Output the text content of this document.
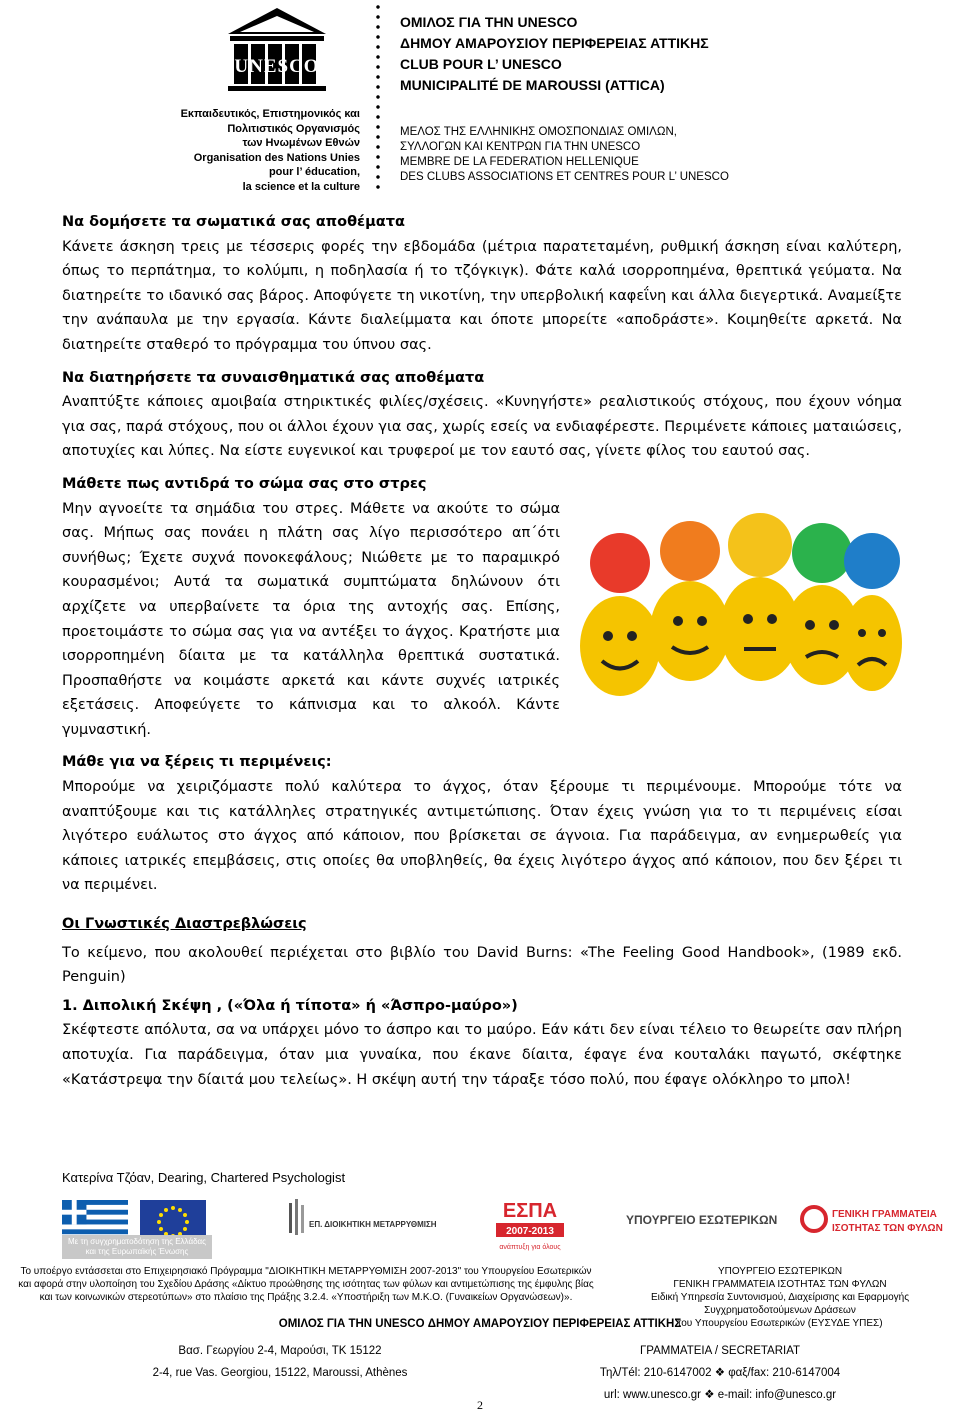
UNESCO
Εκπαιδευτικός, Επιστημονικός και
Πολιτιστικός Οργανισμός
των Ηνωμένων Εθνών
Organisation des Nations Unies
pour l’ éducation,
la science et la culture
ΟΜΙΛΟΣ ΓΙΑ ΤΗΝ UNESCO
ΔΗΜΟΥ ΑΜΑΡΟΥΣΙΟΥ ΠΕΡΙΦΕΡΕΙΑΣ ΑΤΤΙΚΗΣ
CLUB POUR L’ UNESCO
MUNICIPALITÉ DE MAROUSSI (ATTICA)
ΜΕΛΟΣ ΤΗΣ ΕΛΛΗΝΙΚΗΣ ΟΜΟΣΠΟΝΔΙΑΣ ΟΜΙΛΩΝ,
ΣΥΛΛΟΓΩΝ ΚΑΙ ΚΕΝΤΡΩΝ ΓΙΑ ΤΗΝ UNESCO
MEMBRE DE LA FEDERATION HELLENIQUE
DES CLUBS ASSOCIATIONS ET CENTRES POUR L’ UNESCO
Να δομήσετε τα σωματικά σας αποθέματα
Κάνετε άσκηση τρεις με τέσσερις φορές την εβδομάδα (μέτρια παρατεταμένη, ρυθμική άσκηση είναι καλύτερη, όπως το περπάτημα, το κολύμπι, η ποδηλασία ή το τζόγκιγκ). Φάτε καλά ισορροπημένα, θρεπτικά γεύματα. Να διατηρείτε το ιδανικό σας βάρος. Αποφύγετε τη νικοτίνη, την υπερβολική καφεΐνη και άλλα διεγερτικά. Αναμείξτε την ανάπαυλα με την εργασία. Κάντε διαλείμματα και όποτε μπορείτε «αποδράστε». Κοιμηθείτε αρκετά. Να διατηρείτε σταθερό το πρόγραμμα του ύπνου σας.
Να διατηρήσετε τα συναισθηματικά σας αποθέματα
Αναπτύξτε κάποιες αμοιβαία στηρικτικές φιλίες/σχέσεις. «Κυνηγήστε» ρεαλιστικούς στόχους, που έχουν νόημα για σας, παρά στόχους, που οι άλλοι έχουν για σας, χωρίς εσείς να ενδιαφέρεστε. Περιμένετε κάποιες ματαιώσεις, αποτυχίες και λύπες. Να είστε ευγενικοί και τρυφεροί με τον εαυτό σας, γίνετε φίλος του εαυτού σας.
Μάθετε πως αντιδρά το σώμα σας στο στρες
Μην αγνοείτε τα σημάδια του στρες. Μάθετε να ακούτε το σώμα σας. Μήπως σας πονάει η πλάτη σας λίγο περισσότερο απ΄ότι συνήθως; Έχετε συχνά πονοκεφάλους; Νιώθετε με το παραμικρό κουρασμένοι; Αυτά τα σωματικά συμπτώματα δηλώνουν ότι αρχίζετε να υπερβαίνετε τα όρια της αντοχής σας. Επίσης, προετοιμάστε το σώμα σας για να αντέξει το άγχος. Κρατήστε μια ισορροπημένη δίαιτα με τα κατάλληλα θρεπτικά συστατικά. Προσπαθήστε να κοιμάστε αρκετά και κάντε συχνές ιατρικές εξετάσεις. Αποφεύγετε το κάπνισμα και το αλκοόλ. Κάντε γυμναστική.
Μάθε για να ξέρεις τι περιμένεις:
Μπορούμε να χειριζόμαστε πολύ καλύτερα το άγχος, όταν ξέρουμε τι περιμένουμε. Μπορούμε τότε να αναπτύξουμε και τις κατάλληλες στρατηγικές αντιμετώπισης. Όταν έχεις γνώση για το τι περιμένεις είσαι λιγότερο ευάλωτος στο άγχος από κάποιον, που βρίσκεται σε άγνοια. Για παράδειγμα, αν ενημερωθείς για κάποιες ιατρικές επεμβάσεις, στις οποίες θα υποβληθείς, θα έχεις λιγότερο άγχος από κάποιον, που δεν ξέρει τι να περιμένει.
Οι Γνωστικές Διαστρεβλώσεις
Το κείμενο, που ακολουθεί περιέχεται στο βιβλίο του David Burns: «The Feeling Good Handbook», (1989 εκδ. Penguin)
1. Διπολική Σκέψη , («Όλα ή τίποτα» ή «Άσπρο-μαύρο»)
Σκέφτεστε απόλυτα, σα να υπάρχει μόνο το άσπρο και το μαύρο. Εάν κάτι δεν είναι τέλειο το θεωρείτε σαν πλήρη αποτυχία. Για παράδειγμα, όταν μια γυναίκα, που έκανε δίαιτα, έφαγε ένα κουταλάκι παγωτό, σκέφτηκε «Κατάστρεψα την δίαιτά μου τελείως». Η σκέψη αυτή την τάραξε τόσο πολύ, που έφαγε ολόκληρο το μπολ!
Κατερίνα Τζόαν, Dearing, Chartered Psychologist
Με τη συγχρηματοδότηση της Ελλάδας και της Ευρωπαϊκής Ένωσης
ΕΠ. ΔΙΟΙΚΗΤΙΚΗ ΜΕΤΑΡΡΥΘΜΙΣΗ
ΕΣΠΑ
2007-2013
ανάπτυξη για όλους
ΥΠΟΥΡΓΕΙΟ ΕΣΩΤΕΡΙΚΩΝ	ΓΕΝΙΚΗ ΓΡΑΜΜΑΤΕΙΑ
ΙΣΟΤΗΤΑΣ ΤΩΝ ΦΥΛΩΝ
Το υποέργο εντάσσεται στο Επιχειρησιακό Πρόγραμμα "ΔΙΟΙΚΗΤΙΚΗ ΜΕΤΑΡΡΥΘΜΙΣΗ 2007-2013" του Υπουργείου Εσωτερικών
και αφορά στην υλοποίηση του Σχεδίου Δράσης «Δίκτυο προώθησης της ισότητας των φύλων και αντιμετώπισης της έμφυλης βίας
και των κοινωνικών στερεοτύπων» στο πλαίσιο της Πράξης 3.2.4. «Υποστήριξη των Μ.Κ.Ο. (Γυναικείων Οργανώσεων)».
ΥΠΟΥΡΓΕΙΟ ΕΣΩΤΕΡΙΚΩΝ
ΓΕΝΙΚΗ ΓΡΑΜΜΑΤΕΙΑ ΙΣΟΤΗΤΑΣ ΤΩΝ ΦΥΛΩΝ
Ειδική Υπηρεσία Συντονισμού, Διαχείρισης και Εφαρμογής Συγχρηματοδοτούμενων Δράσεων
του Υπουργείου Εσωτερικών (ΕΥΣΥΔΕ ΥΠΕΣ)
ΟΜΙΛΟΣ ΓΙΑ ΤΗΝ UNESCO ΔΗΜΟΥ ΑΜΑΡΟΥΣΙΟΥ ΠΕΡΙΦΕΡΕΙΑΣ ΑΤΤΙΚΗΣ
Βασ. Γεωργίου 2-4, Μαρούσι, ΤΚ 15122
2-4, rue Vas. Georgiou, 15122, Maroussi, Athènes
ΓΡΑΜΜΑΤΕΙΑ / SECRETARIAT
Τηλ/Tél: 210-6147002 ❖ φαξ/fax: 210-6147004
url: www.unesco.gr ❖ e-mail: info@unesco.gr
2
